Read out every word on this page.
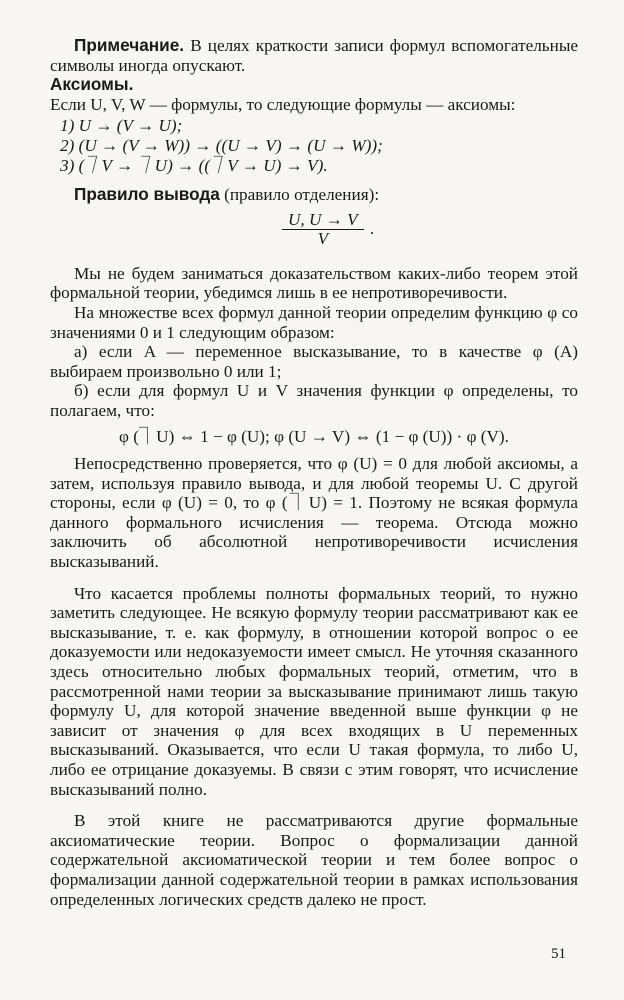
Примечание. В целях краткости записи формул вспомогательные символы иногда опускают.

Аксиомы.

Если U, V, W — формулы, то следующие формулы — аксиомы:

1) U → (V → U);
2) (U → (V → W)) → ((U → V) → (U → W));
3) (⏋V → ⏋U) → ((⏋V → U) → V).

Правило вывода (правило отделения):

$\frac{U, U \to V}{V}$ .

Мы не будем заниматься доказательством каких-либо теорем этой формальной теории, убедимся лишь в ее непротиворечивости.

На множестве всех формул данной теории определим функцию φ со значениями 0 и 1 следующим образом:

а) если A — переменное высказывание, то в качестве φ (A) выбираем произвольно 0 или 1;

б) если для формул U и V значения функции φ определены, то полагаем, что:

φ (⏋U) ⇔ 1 − φ (U); φ (U → V) ⇔ (1 − φ (U)) · φ (V).

Непосредственно проверяется, что φ (U) = 0 для любой аксиомы, а затем, используя правило вывода, и для любой теоремы U. С другой стороны, если φ (U) = 0, то φ (⏋U) = 1. Поэтому не всякая формула данного формального исчисления — теорема. Отсюда можно заключить об абсолютной непротиворечивости исчисления высказываний.

Что касается проблемы полноты формальных теорий, то нужно заметить следующее. Не всякую формулу теории рассматривают как ее высказывание, т. е. как формулу, в отношении которой вопрос о ее доказуемости или недоказуемости имеет смысл. Не уточняя сказанного здесь относительно любых формальных теорий, отметим, что в рассмотренной нами теории за высказывание принимают лишь такую формулу U, для которой значение введенной выше функции φ не зависит от значения φ для всех входящих в U переменных высказываний. Оказывается, что если U такая формула, то либо U, либо ее отрицание доказуемы. В связи с этим говорят, что исчисление высказываний полно.

В этой книге не рассматриваются другие формальные аксиоматические теории. Вопрос о формализации данной содержательной аксиоматической теории и тем более вопрос о формализации данной содержательной теории в рамках использования определенных логических средств далеко не прост.

51
